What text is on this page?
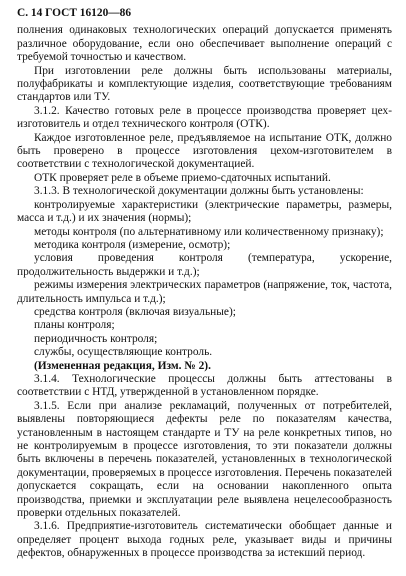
С. 14 ГОСТ 16120—86

полнения одинаковых технологических операций допускается применять различное оборудование, если оно обеспечивает выполнение операций с требуемой точностью и качеством.

При изготовлении реле должны быть использованы материалы, полуфабрикаты и комплектующие изделия, соответствующие требованиям стандартов или ТУ.

3.1.2. Качество готовых реле в процессе производства проверяет цех-изготовитель и отдел технического контроля (ОТК).

Каждое изготовленное реле, предъявляемое на испытание ОТК, должно быть проверено в процессе изготовления цехом-изготовителем в соответствии с технологической документацией.

ОТК проверяет реле в объеме приемо-сдаточных испытаний.

3.1.3. В технологической документации должны быть установлены:

контролируемые характеристики (электрические параметры, размеры, масса и т.д.) и их значения (нормы);

методы контроля (по альтернативному или количественному признаку);

методика контроля (измерение, осмотр);

условия проведения контроля (температура, ускорение, продолжительность выдержки и т.д.);

режимы измерения электрических параметров (напряжение, ток, частота, длительность импульса и т.д.);

средства контроля (включая визуальные);

планы контроля;

периодичность контроля;

службы, осуществляющие контроль.

(Измененная редакция, Изм. № 2).

3.1.4. Технологические процессы должны быть аттестованы в соответствии с НТД, утвержденной в установленном порядке.

3.1.5. Если при анализе рекламаций, полученных от потребителей, выявлены повторяющиеся дефекты реле по показателям качества, установленным в настоящем стандарте и ТУ на реле конкретных типов, но не контролируемым в процессе изготовления, то эти показатели должны быть включены в перечень показателей, установленных в технологической документации, проверяемых в процессе изготовления. Перечень показателей допускается сокращать, если на основании накопленного опыта производства, приемки и эксплуатации реле выявлена нецелесообразность проверки отдельных показателей.

3.1.6. Предприятие-изготовитель систематически обобщает данные и определяет процент выхода годных реле, указывает виды и причины дефектов, обнаруженных в процессе производства за истекший период.
